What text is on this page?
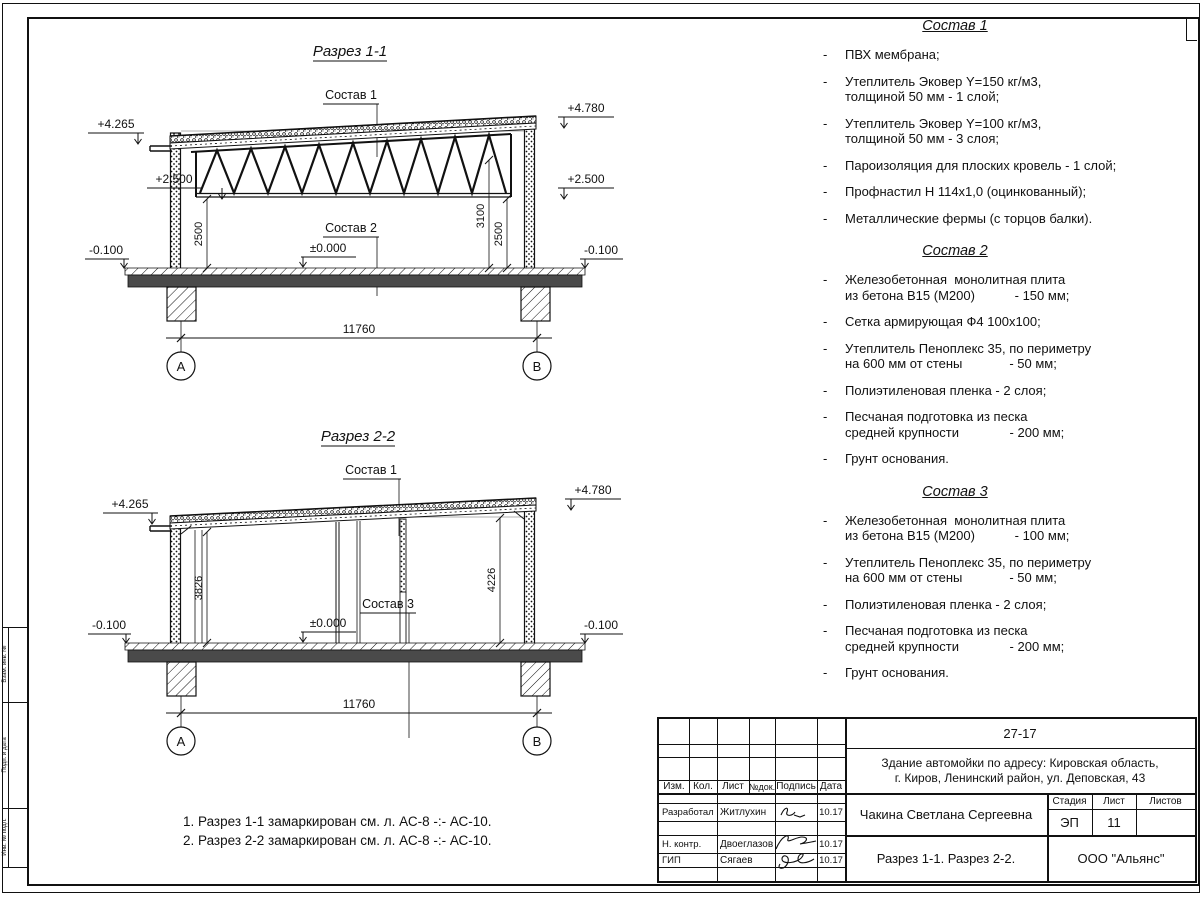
Взам. инв. №
Подп. и дата
Инв. № подл.
Разрез 1-1
Состав 1
+4.265
+2.500
+4.780
+2.500
±0.000
-0.100	-0.100
Состав 2
2500
3100
2500
11760
А	В
Разрез 2-2
Состав 1
Состав 3
+4.265
+4.780
±0.000
-0.100	-0.100
3826	4226
11760
А	В
Состав 1
-	ПВХ мембрана;
-	Утеплитель Эковер Y=150 кг/м3,
толщиной 50 мм - 1 слой;
-	Утеплитель Эковер Y=100 кг/м3,
толщиной 50 мм - 3 слоя;
-	Пароизоляция для плоских кровель - 1 слой;
-	Профнастил Н 114х1,0 (оцинкованный);
-	Металлические фермы (с торцов балки).
Состав 2
-	Железобетонная  монолитная плита
из бетона В15 (М200)           - 150 мм;
-	Сетка армирующая Ф4 100х100;
-	Утеплитель Пеноплекс 35, по периметру
на 600 мм от стены             - 50 мм;
-	Полиэтиленовая пленка - 2 слоя;
-	Песчаная подготовка из песка
средней крупности              - 200 мм;
-	Грунт основания.
Состав 3
-	Железобетонная  монолитная плита
из бетона В15 (М200)           - 100 мм;
-	Утеплитель Пеноплекс 35, по периметру
на 600 мм от стены             - 50 мм;
-	Полиэтиленовая пленка - 2 слоя;
-	Песчаная подготовка из песка
средней крупности              - 200 мм;
-	Грунт основания.
1. Разрез 1-1 замаркирован см. л. АС-8 -:- АС-10.
2. Разрез 2-2 замаркирован см. л. АС-8 -:- АС-10.
Изм. Кол. Лист №док. Подпись Дата
Разработал Житлухин	10.17
Н. контр.	Двоеглазов	10.17
ГИП	Сягаев	10.17
27-17
Здание автомойки по адресу: Кировская область,
г. Киров, Ленинский район, ул. Деповская, 43
Чакина Светлана Сергеевна
Стадия	Лист	Листов
ЭП	11
Разрез 1-1. Разрез 2-2.	ООО "Альянс"
